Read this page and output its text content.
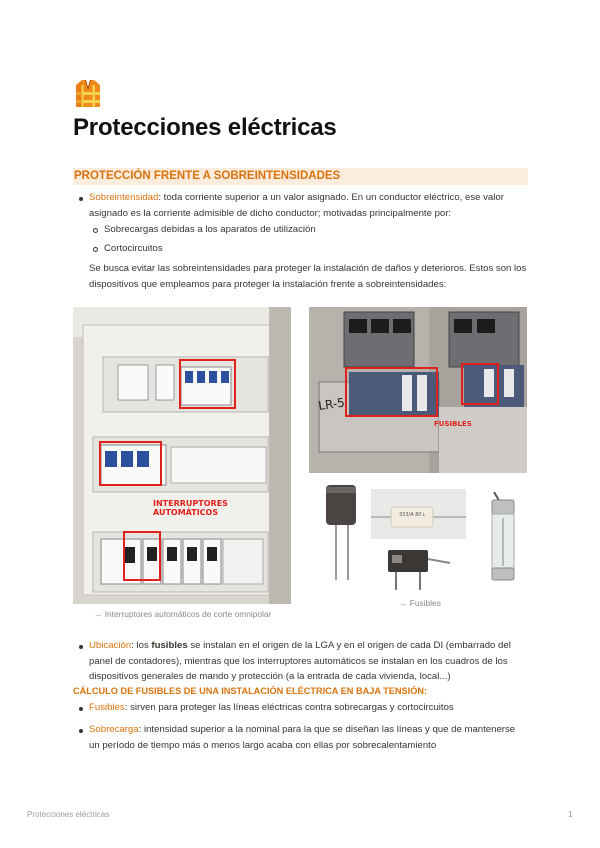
Protecciones eléctricas
PROTECCIÓN FRENTE A SOBREINTENSIDADES
Sobreintensidad: toda corriente superior a un valor asignado. En un conductor eléctrico, ese valor
asignado es la corriente admisible de dicho conductor; motivadas principalmente por:
Sobrecargas debidas a los aparatos de utilización
Cortocircuitos
Se busca evitar las sobreintensidades para proteger la instalación de daños y deterioros. Estos son los
dispositivos que empleamos para proteger la instalación frente a sobreintensidades:
INTERRUPTORES AUTOMÁTICOS
→ Interruptores automáticos de corte omnipolar
LR-5
FUSIBLES
333/A 80↓
→ Fusibles
Ubicación: los fusibles se instalan en el origen de la LGA y en el origen de cada DI (embarrado del
panel de contadores), mientras que los interruptores automáticos se instalan en los cuadros de los
dispositivos generales de mando y protección (a la entrada de cada vivienda, local...)
CÁLCULO DE FUSIBLES DE UNA INSTALACIÓN ELÉCTRICA EN BAJA TENSIÓN:
Fusibles: sirven para proteger las líneas eléctricas contra sobrecargas y cortocircuitos
Sobrecarga: intensidad superior a la nominal para la que se diseñan las líneas y que de mantenerse
un período de tiempo más o menos largo acaba con ellas por sobrecalentamiento
Protecciones eléctricas	1
